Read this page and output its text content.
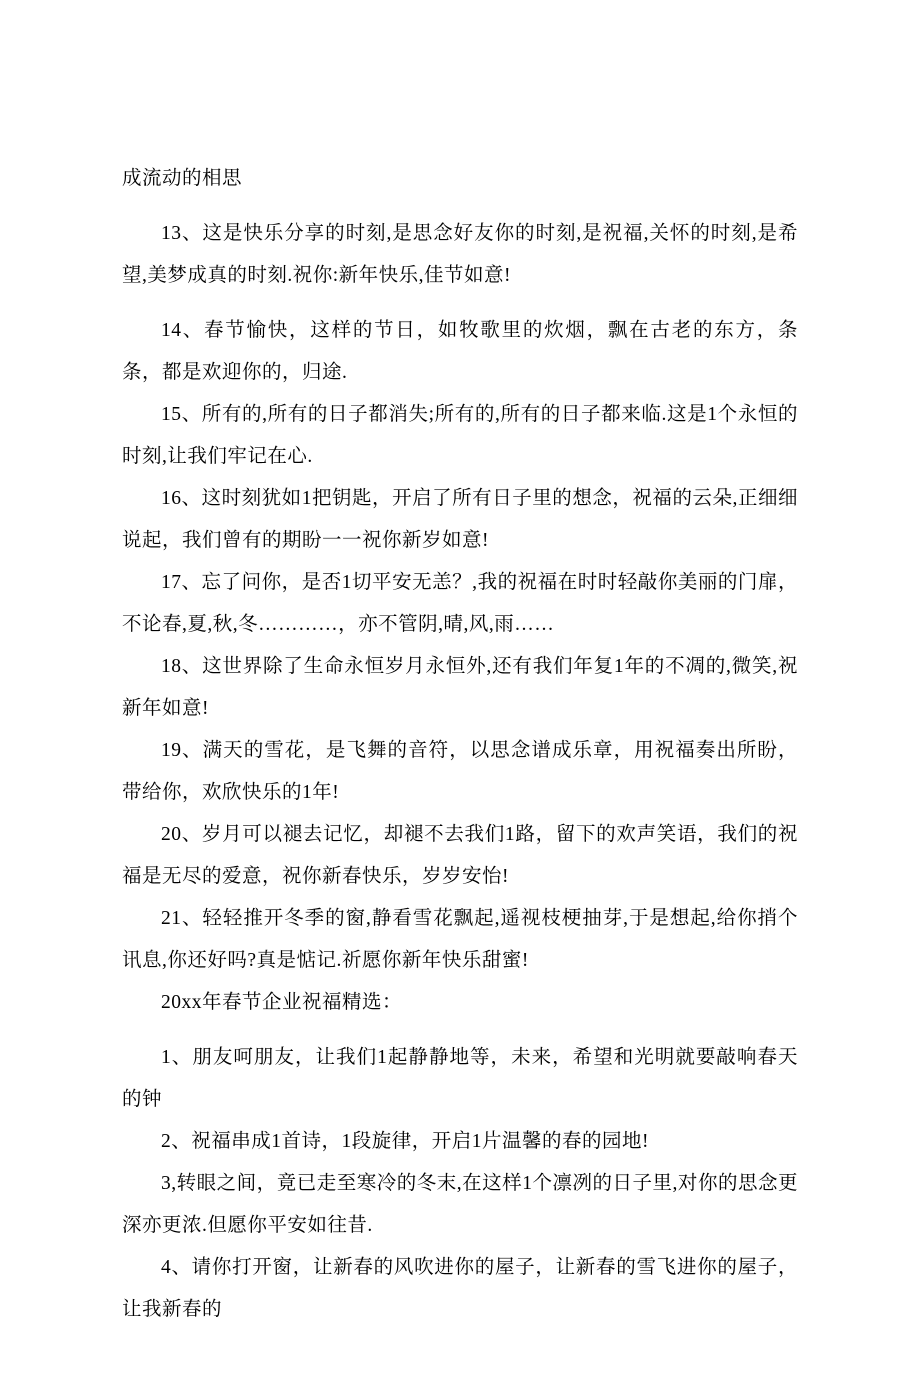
成流动的相思

13、这是快乐分享的时刻,是思念好友你的时刻,是祝福,关怀的时刻,是希望,美梦成真的时刻.祝你:新年快乐,佳节如意!

14、春节愉快，这样的节日，如牧歌里的炊烟，飘在古老的东方，条条，都是欢迎你的，归途.

15、所有的,所有的日子都消失;所有的,所有的日子都来临.这是1个永恒的时刻,让我们牢记在心.

16、这时刻犹如1把钥匙，开启了所有日子里的想念，祝福的云朵,正细细说起，我们曾有的期盼一一祝你新岁如意!

17、忘了问你，是否1切平安无恙？,我的祝福在时时轻敲你美丽的门扉，不论春,夏,秋,冬…………，亦不管阴,晴,风,雨……

18、这世界除了生命永恒岁月永恒外,还有我们年复1年的不凋的,微笑,祝新年如意!

19、满天的雪花，是飞舞的音符，以思念谱成乐章，用祝福奏出所盼，带给你，欢欣快乐的1年!

20、岁月可以褪去记忆，却褪不去我们1路，留下的欢声笑语，我们的祝福是无尽的爱意，祝你新春快乐，岁岁安怡!

21、轻轻推开冬季的窗,静看雪花飘起,遥视枝梗抽芽,于是想起,给你捎个讯息,你还好吗?真是惦记.祈愿你新年快乐甜蜜!

20xx年春节企业祝福精选：

1、朋友呵朋友，让我们1起静静地等，未来，希望和光明就要敲响春天的钟

2、祝福串成1首诗，1段旋律，开启1片温馨的春的园地!

3,转眼之间，竟已走至寒冷的冬末,在这样1个凛冽的日子里,对你的思念更深亦更浓.但愿你平安如往昔.

4、请你打开窗，让新春的风吹进你的屋子，让新春的雪飞进你的屋子，让我新春的
